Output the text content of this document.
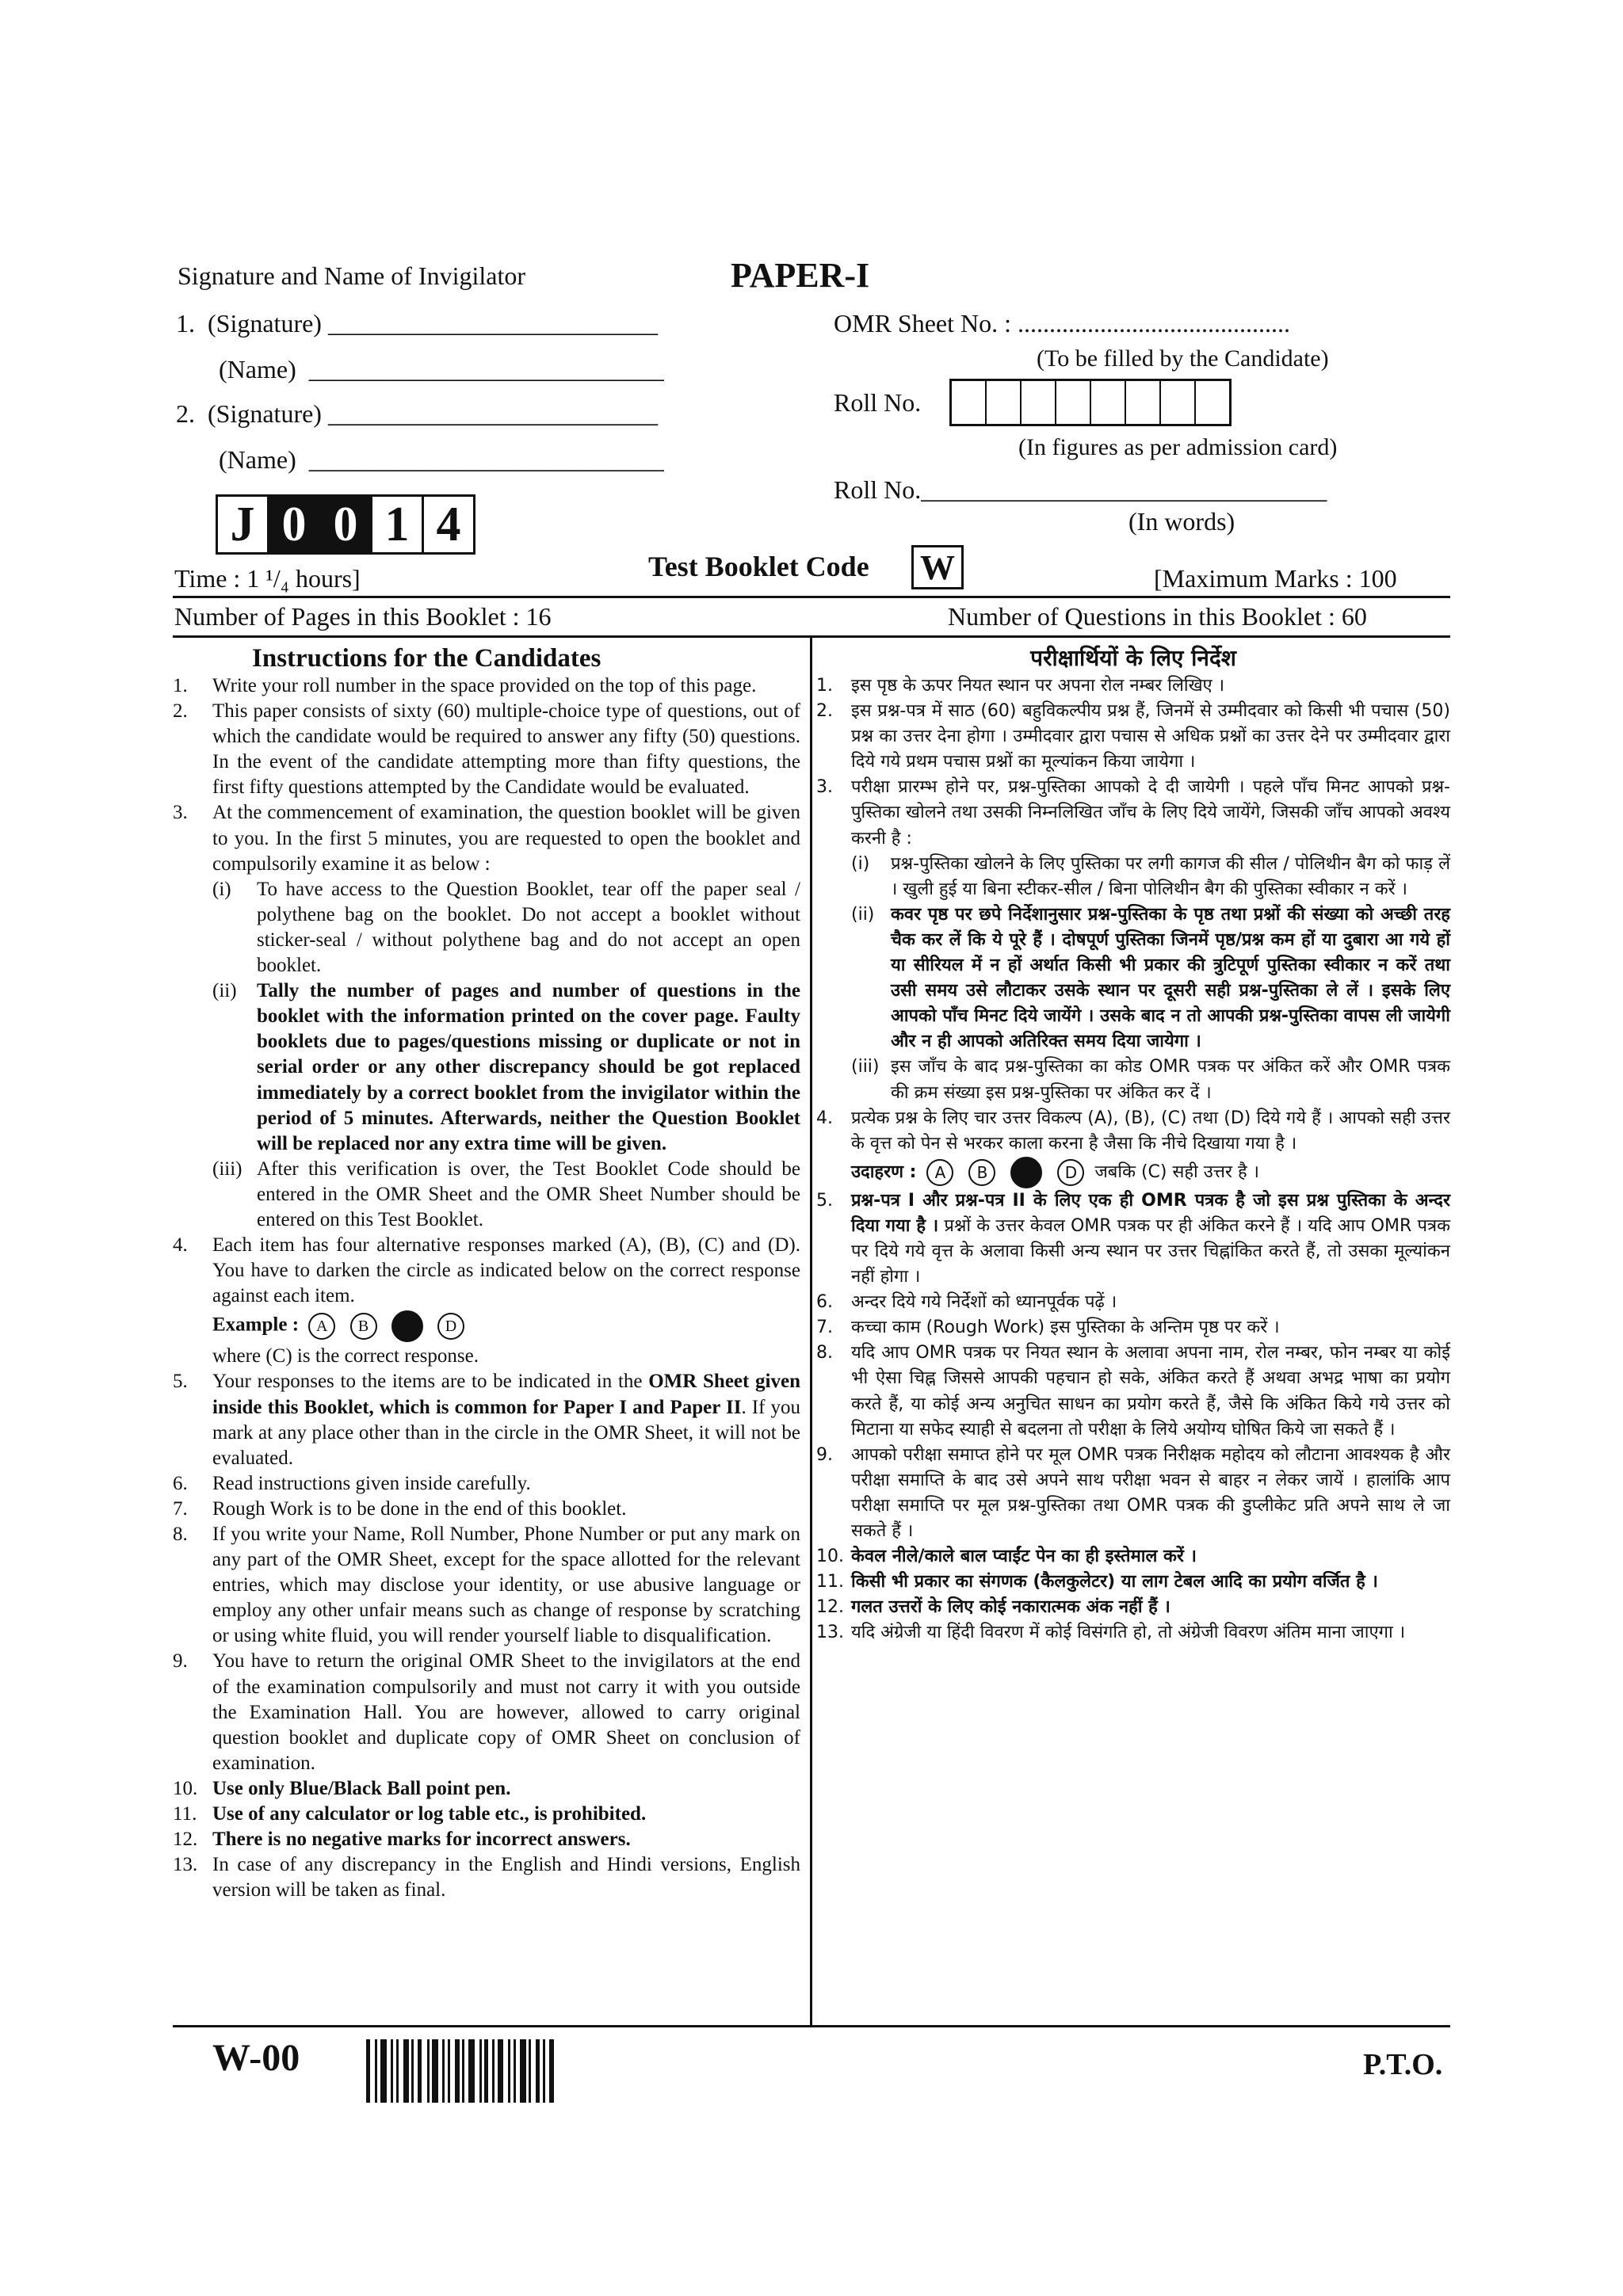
Signature and Name of Invigilator	PAPER-I
1.  (Signature) __________________________
(Name)  ____________________________
2.  (Signature) __________________________
(Name)  ____________________________
OMR Sheet No. : ...........................................
(To be filled by the Candidate)
Roll No.
(In figures as per admission card)
Roll No.________________________________
(In words)
J 0 0 1 4
Time : 1 ¹/₄ hours]	Test Booklet Code W	[Maximum Marks : 100
Number of Pages in this Booklet : 16	Number of Questions in this Booklet : 60
Instructions for the Candidates
1.	Write your roll number in the space provided on the top of this page.
2.	This paper consists of sixty (60) multiple-choice type of questions, out of which the candidate would be required to answer any fifty (50) questions. In the event of the candidate attempting more than fifty questions, the first fifty questions attempted by the Candidate would be evaluated.
3.	At the commencement of examination, the question booklet will be given to you. In the first 5 minutes, you are requested to open the booklet and compulsorily examine it as below :
(i)	To have access to the Question Booklet, tear off the paper seal / polythene bag on the booklet. Do not accept a booklet without sticker-seal / without polythene bag and do not accept an open booklet.
(ii)	Tally the number of pages and number of questions in the booklet with the information printed on the cover page. Faulty booklets due to pages/questions missing or duplicate or not in serial order or any other discrepancy should be got replaced immediately by a correct booklet from the invigilator within the period of 5 minutes. Afterwards, neither the Question Booklet will be replaced nor any extra time will be given.
(iii) After this verification is over, the Test Booklet Code should be entered in the OMR Sheet and the OMR Sheet Number should be entered on this Test Booklet.
4.	Each item has four alternative responses marked (A), (B), (C) and (D). You have to darken the circle as indicated below on the correct response against each item.
Example : A B	D
where (C) is the correct response.
5.	Your responses to the items are to be indicated in the OMR Sheet given inside this Booklet, which is common for Paper I and Paper II. If you mark at any place other than in the circle in the OMR Sheet, it will not be evaluated.
6.	Read instructions given inside carefully.
7.	Rough Work is to be done in the end of this booklet.
8.	If you write your Name, Roll Number, Phone Number or put any mark on any part of the OMR Sheet, except for the space allotted for the relevant entries, which may disclose your identity, or use abusive language or employ any other unfair means such as change of response by scratching or using white fluid, you will render yourself liable to disqualification.
9.	You have to return the original OMR Sheet to the invigilators at the end of the examination compulsorily and must not carry it with you outside the Examination Hall. You are however, allowed to carry original question booklet and duplicate copy of OMR Sheet on conclusion of examination.
10. Use only Blue/Black Ball point pen.
11. Use of any calculator or log table etc., is prohibited.
12. There is no negative marks for incorrect answers.
13. In case of any discrepancy in the English and Hindi versions, English version will be taken as final.
परीक्षार्थियों के लिए निर्देश
1.	इस पृष्ठ के ऊपर नियत स्थान पर अपना रोल नम्बर लिखिए ।
2.	इस प्रश्न-पत्र में साठ (60) बहुविकल्पीय प्रश्न हैं, जिनमें से उम्मीदवार को किसी भी पचास (50) प्रश्न का उत्तर देना होगा । उम्मीदवार द्वारा पचास से अधिक प्रश्नों का उत्तर देने पर उम्मीदवार द्वारा दिये गये प्रथम पचास प्रश्नों का मूल्यांकन किया जायेगा ।
3.	परीक्षा प्रारम्भ होने पर, प्रश्न-पुस्तिका आपको दे दी जायेगी । पहले पाँच मिनट आपको प्रश्न-पुस्तिका खोलने तथा उसकी निम्नलिखित जाँच के लिए दिये जायेंगे, जिसकी जाँच आपको अवश्य करनी है :
(i)	प्रश्न-पुस्तिका खोलने के लिए पुस्तिका पर लगी कागज की सील / पोलिथीन बैग को फाड़ लें । खुली हुई या बिना स्टीकर-सील / बिना पोलिथीन बैग की पुस्तिका स्वीकार न करें ।
(ii) कवर पृष्ठ पर छपे निर्देशानुसार प्रश्न-पुस्तिका के पृष्ठ तथा प्रश्नों की संख्या को अच्छी तरह चैक कर लें कि ये पूरे हैं । दोषपूर्ण पुस्तिका जिनमें पृष्ठ/प्रश्न कम हों या दुबारा आ गये हों या सीरियल में न हों अर्थात किसी भी प्रकार की त्रुटिपूर्ण पुस्तिका स्वीकार न करें तथा उसी समय उसे लौटाकर उसके स्थान पर दूसरी सही प्रश्न-पुस्तिका ले लें । इसके लिए आपको पाँच मिनट दिये जायेंगे । उसके बाद न तो आपकी प्रश्न-पुस्तिका वापस ली जायेगी और न ही आपको अतिरिक्त समय दिया जायेगा ।
(iii) इस जाँच के बाद प्रश्न-पुस्तिका का कोड OMR पत्रक पर अंकित करें और OMR पत्रक की क्रम संख्या इस प्रश्न-पुस्तिका पर अंकित कर दें ।
4.	प्रत्येक प्रश्न के लिए चार उत्तर विकल्प (A), (B), (C) तथा (D) दिये गये हैं । आपको सही उत्तर के वृत्त को पेन से भरकर काला करना है जैसा कि नीचे दिखाया गया है ।
उदाहरण : A B	D जबकि (C) सही उत्तर है ।
5.	प्रश्न-पत्र I और प्रश्न-पत्र II के लिए एक ही OMR पत्रक है जो इस प्रश्न पुस्तिका के अन्दर दिया गया है । प्रश्नों के उत्तर केवल OMR पत्रक पर ही अंकित करने हैं । यदि आप OMR पत्रक पर दिये गये वृत्त के अलावा किसी अन्य स्थान पर उत्तर चिह्नांकित करते हैं, तो उसका मूल्यांकन नहीं होगा ।
6.	अन्दर दिये गये निर्देशों को ध्यानपूर्वक पढ़ें ।
7.	कच्चा काम (Rough Work) इस पुस्तिका के अन्तिम पृष्ठ पर करें ।
8.	यदि आप OMR पत्रक पर नियत स्थान के अलावा अपना नाम, रोल नम्बर, फोन नम्बर या कोई भी ऐसा चिह्न जिससे आपकी पहचान हो सके, अंकित करते हैं अथवा अभद्र भाषा का प्रयोग करते हैं, या कोई अन्य अनुचित साधन का प्रयोग करते हैं, जैसे कि अंकित किये गये उत्तर को मिटाना या सफेद स्याही से बदलना तो परीक्षा के लिये अयोग्य घोषित किये जा सकते हैं ।
9.	आपको परीक्षा समाप्त होने पर मूल OMR पत्रक निरीक्षक महोदय को लौटाना आवश्यक है और परीक्षा समाप्ति के बाद उसे अपने साथ परीक्षा भवन से बाहर न लेकर जायें । हालांकि आप परीक्षा समाप्ति पर मूल प्रश्न-पुस्तिका तथा OMR पत्रक की डुप्लीकेट प्रति अपने साथ ले जा सकते हैं ।
10. केवल नीले/काले बाल प्वाईंट पेन का ही इस्तेमाल करें ।
11. किसी भी प्रकार का संगणक (कैलकुलेटर) या लाग टेबल आदि का प्रयोग वर्जित है ।
12. गलत उत्तरों के लिए कोई नकारात्मक अंक नहीं हैं ।
13. यदि अंग्रेजी या हिंदी विवरण में कोई विसंगति हो, तो अंग्रेजी विवरण अंतिम माना जाएगा ।
W-00	P.T.O.
